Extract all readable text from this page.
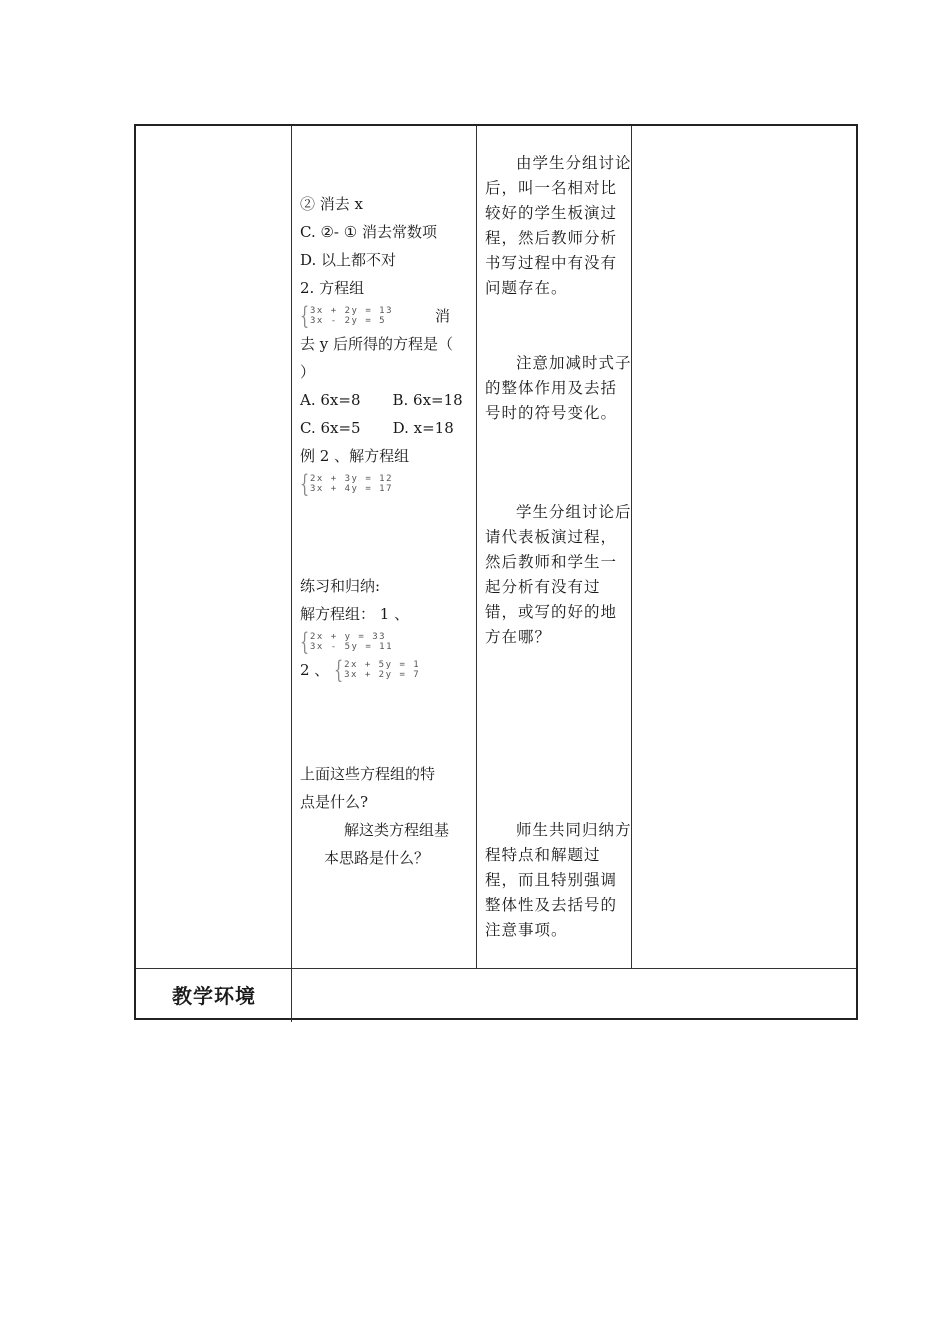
② 消去 x
C. ②- ① 消去常数项
D. 以上都不对
2. 方程组
{ 3x + 2y = 13
3x - 2y = 5	消
去 y 后所得的方程是（
）
A. 6x=8 B. 6x=18
C. 6x=5 D. x=18
例 2 、解方程组
{ 2x + 3y = 12
3x + 4y = 17
练习和归纳:
解方程组： 1 、
{ 2x + y = 33
3x - 5y = 11
2 、 { 2x + 5y = 1
3x + 2y = 7
上面这些方程组的特
点是什么?
解这类方程组基
本思路是什么？

由学生分组讨论后，叫一名相对比较好的学生板演过程，然后教师分析书写过程中有没有问题存在。

注意加减时式子的整体作用及去括号时的符号变化。

学生分组讨论后请代表板演过程，然后教师和学生一起分析有没有过错，或写的好的地方在哪？

师生共同归纳方程特点和解题过程，而且特别强调整体性及去括号的注意事项。

教学环境
